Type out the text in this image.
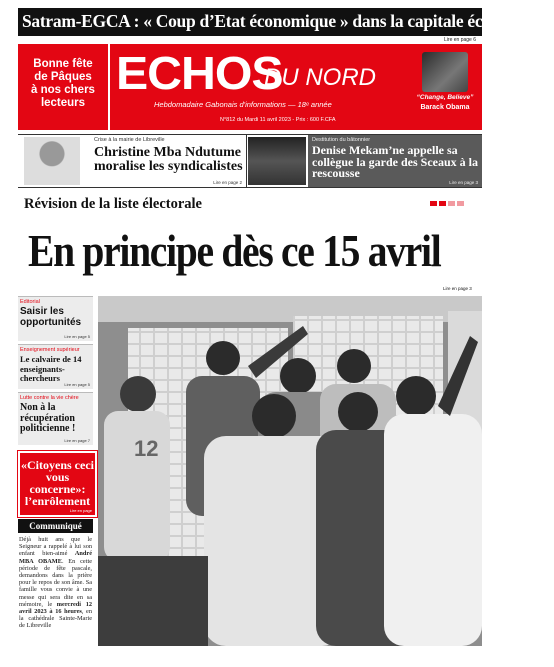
Satram-EGCA : « Coup d’Etat économique » dans la capitale économique
Lire en page 6
Bonne fête
de Pâques
à nos chers
lecteurs
ECHOS
DU NORD
Hebdomadaire Gabonais d'informations — 18ᵉ année
“Change, Believe”
Barack Obama
N°812 du Mardi 11 avril 2023 - Prix : 600 F.CFA
Crise à la mairie de Libreville
Christine Mba Ndutume moralise les syndicalistes
Lire en page 2
Destitution du bâtonnier
Denise Mekam’ne appelle sa collègue la garde des Sceaux à la rescousse
Lire en page 3
Révision de la liste électorale
En principe dès ce 15 avril
Lire en page 3
Editorial
Saisir les opportunités
Lire en page 5
Enseignement supérieur
Le calvaire de 14 enseignants-chercheurs
Lire en page 5
Lutte contre la vie chère
Non à la récupération politicienne !
Lire en page 7
«Citoyens ceci vous concerne»: l’enrôlement
Lire en page
Communiqué
Déjà huit ans que le Seigneur a rappelé à lui son enfant bien-aimé André MBA OBAME. En cette période de fête pascale, demandons dans la prière pour le repos de son âme. Sa famille vous convie à une messe qui sera dite en sa mémoire, le mercredi 12 avril 2023 à 16 heures, en la cathédrale Sainte-Marie de Libreville
12
